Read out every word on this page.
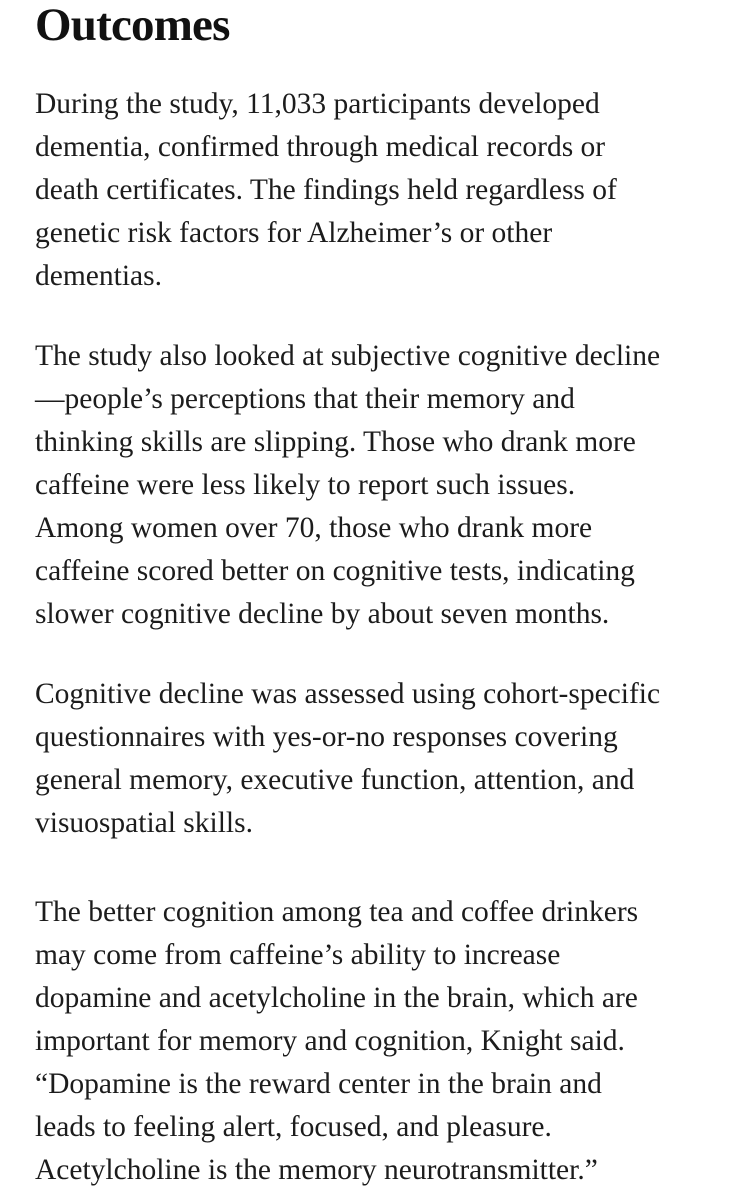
Outcomes

During the study, 11,033 participants developed
dementia, confirmed through medical records or
death certificates. The findings held regardless of
genetic risk factors for Alzheimer’s or other
dementias.

The study also looked at subjective cognitive decline
—people’s perceptions that their memory and
thinking skills are slipping. Those who drank more
caffeine were less likely to report such issues.
Among women over 70, those who drank more
caffeine scored better on cognitive tests, indicating
slower cognitive decline by about seven months.

Cognitive decline was assessed using cohort-specific
questionnaires with yes-or-no responses covering
general memory, executive function, attention, and
visuospatial skills.

The better cognition among tea and coffee drinkers
may come from caffeine’s ability to increase
dopamine and acetylcholine in the brain, which are
important for memory and cognition, Knight said.
“Dopamine is the reward center in the brain and
leads to feeling alert, focused, and pleasure.
Acetylcholine is the memory neurotransmitter.”
